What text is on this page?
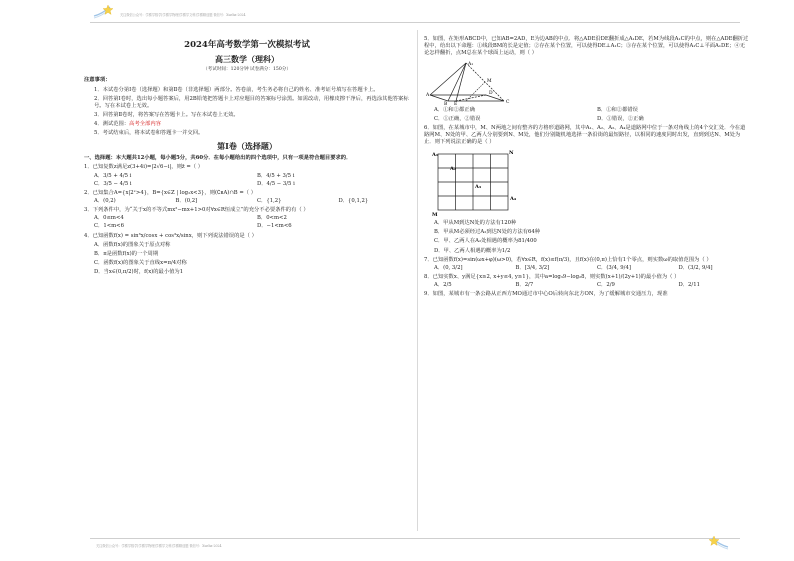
关注微信公众号：学霸学数学|学霸学物理|学霸学文科|学霸精选题 微信号：Xueba-2024
2024年高考数学第一次模拟考试
高三数学（理科）
（考试时间：120分钟 试卷满分：150分）
注意事项：
1．本试卷分第Ⅰ卷（选择题）和第Ⅱ卷（非选择题）两部分。答卷前，考生务必将自己的姓名、准考证号填写在答题卡上。
2．回答第Ⅰ卷时，选出每小题答案后，用2B铅笔把答题卡上对应题目的答案标号涂黑。如需改动，用橡皮擦干净后，再选涂其他答案标号。写在本试卷上无效。
3．回答第Ⅱ卷时，将答案写在答题卡上。写在本试卷上无效。
4．测试范围：高考全部内容
5．考试结束后，将本试卷和答题卡一并交回。
第Ⅰ卷（选择题）
一、选择题：本大题共12小题，每小题5分，共60分．在每小题给出的四个选项中，只有一项是符合题目要求的．
1．已知复数z满足z(3+4i)=|2√6−i|，则z̄ =（ ）
A．3/5 + 4/5 i	B．4/5 + 3/5 i
C．3/5 − 4/5 i	D．4/5 − 3/5 i
2．已知集合A={x|2ˣ>4}，B={x∈Z | log₂x<3}，则(∁ʀA)∩B =（ ）
A．(0,2)	B．(0,2]	C．{1,2}	D．{0,1,2}
3．下列条件中，为“关于x的不等式mx²−mx+1>0对∀x∈R恒成立”的充分不必要条件的有（ ）
A．0≤m<4	B．0<m<2
C．1<m<6	D．−1<m<6
4．已知函数f(x) = sin³x/cosx + cos³x/sinx，则下列说法错误的是（ ）
A．函数f(x)的图象关于原点对称
B．π是函数f(x)的一个周期
C．函数f(x)的图象关于直线x=π/4对称
D．当x∈(0,π/2)时，f(x)的最小值为1
5．如图，在矩形ABCD中，已知AB=2AD，E为边AB的中点．将△ADE沿DE翻折成△A₁DE，若M为线段A₁C的中点，则在△ADE翻折过程中，给出以下命题：①线段BM的长是定值；②存在某个位置，可以使得DE⊥A₁C；③存在某个位置，可以使得A₁C⊥平面A₁DE；④无论怎样翻折，点M总在某个球面上运动，则（ ）
A₁
M
D
C
A
E
B
A．①和②都正确	B．①和②都错误
C．①正确，②错误	D．①错误，②正确
6．如图，在某城市中，M、N两地之间有整齐的方格形道路网，其中A₁、A₂、A₃、A₄是道路网中位于一条对角线上的4个交汇处．今在道路网M、N处的甲、乙两人分别要到N、M处，他们分别随机地选择一条沿街的最短路径，以相同的速度同时出发，直到到达N、M处为止．则下列说法正确的是（ ）
A₁
A₂
A₃
A₄
M
N
A．甲从M到达N处的方法有120种
B．甲从M必须经过A₂到达N处的方法有64种
C．甲、乙两人在A₂处相遇的概率为81/400
D．甲、乙两人相遇的概率为1/2
7．已知函数f(x)=sin(ωx+φ)(ω>0)，若∀x∈R，f(x)≤f(π/3)，且f(x)在(0,π)上恰有1个零点，则实数ω的取值范围为（ ）
A．(0, 3/2]	B．[3/4, 3/2]	C．(3/4, 9/4]	D．(3/2, 9/4]
8．已知实数x、y满足{x≥2, x+y≤4, y≥1}，其中a=log₃9−log₂8，则实数(x+1)/(2y+1)的最小值为（ ）
A．2/5	B．2/7	C．2/9	D．2/11
9．如图，某城市有一条公路从正西方MO通过市中心O后转向东北方ON，为了缓解城市交通压力，现准
关注微信公众号：学霸学数学|学霸学物理|学霸学文科|学霸精选题 微信号：Xueba-2024
